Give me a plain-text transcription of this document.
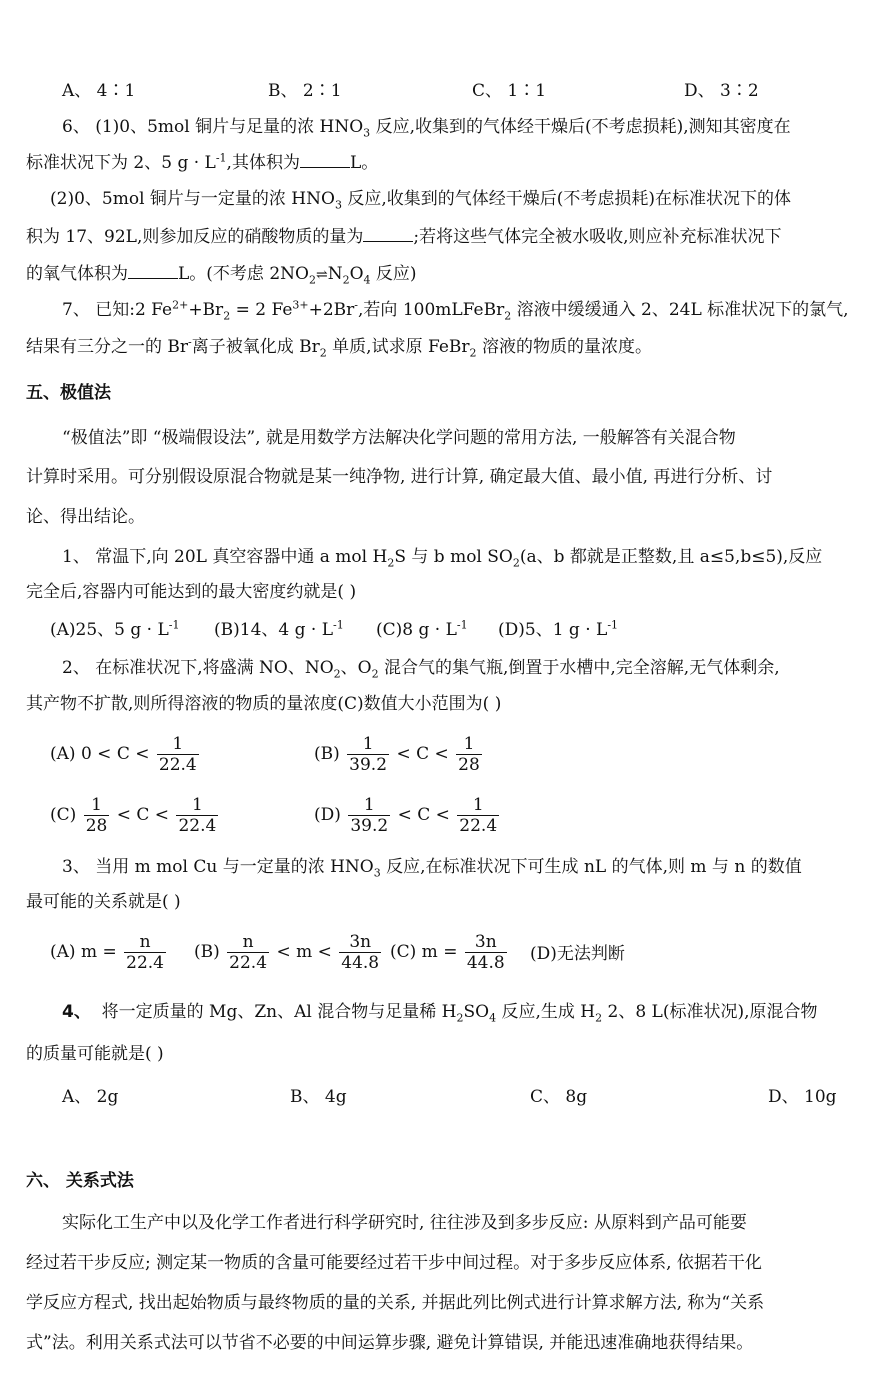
A、 4∶1	B、 2∶1	C、 1∶1	D、 3∶2
6、 (1)0、5mol 铜片与足量的浓 $HNO_3$ 反应,收集到的气体经干燥后(不考虑损耗),测知其密度在
标准状况下为 2、5 $g \cdot L^{-1}$,其体积为	L。
(2)0、5mol 铜片与一定量的浓 $HNO_3$ 反应,收集到的气体经干燥后(不考虑损耗)在标准状况下的体
积为 17、92L,则参加反应的硝酸物质的量为	;若将这些气体完全被水吸收,则应补充标准状况下
的氧气体积为	L。(不考虑 $2NO_2\rightleftharpoons N_2O_4$ 反应)
7、 已知:2 $Fe^{2+}+Br_2 = 2$ $Fe^{3+}+2Br^-$,若向 100mLFeBr$_2$ 溶液中缓缓通入 2、24L 标准状况下的氯气,
结果有三分之一的 Br-离子被氧化成 $Br_2$ 单质,试求原 FeBr$_2$ 溶液的物质的量浓度。
五、极值法
“极值法”即 “极端假设法”, 就是用数学方法解决化学问题的常用方法, 一般解答有关混合物
计算时采用。可分别假设原混合物就是某一纯净物, 进行计算, 确定最大值、最小值, 再进行分析、讨
论、得出结论。
1、 常温下,向 20L 真空容器中通 a mol $H_2S$ 与 b mol $SO_2(a$、b 都就是正整数,且 a≤5,b≤5),反应
完全后,容器内可能达到的最大密度约就是( )
(A)25、5 $g \cdot L^{-1}$ (B)14、4 $g \cdot L^{-1}$ (C)8 $g \cdot L^{-1}$ (D)5、1 $g \cdot L^{-1}$
2、 在标准状况下,将盛满 NO、$NO_2$、$O_2$ 混合气的集气瓶,倒置于水槽中,完全溶解,无气体剩余,
其产物不扩散,则所得溶液的物质的量浓度(C)数值大小范围为( )
(A) $0 < C < \frac{1}{22.4}$	$(B) \frac{1}{39.2} < C < \frac{1}{28}$
$(C) \frac{1}{28} < C < \frac{1}{22.4}$	$(D) \frac{1}{39.2} < C < \frac{1}{22.4}$
3、 当用 m mol Cu 与一定量的浓 $HNO_3$ 反应,在标准状况下可生成 nL 的气体,则 m 与 n 的数值
最可能的关系就是( )
(A) $m = \frac{n}{22.4} (B) \frac{n}{22.4} < m < \frac{3n}{44.8} (C) m = \frac{3n}{44.8} (D)$无法判断
4、 将一定质量的 Mg、Zn、Al 混合物与足量稀 $H_2SO_4$ 反应,生成 $H_2$ 2、8 L(标准状况),原混合物
的质量可能就是( )
A、 2g	B、 4g	C、 8g	D、 10g
六、 关系式法
实际化工生产中以及化学工作者进行科学研究时, 往往涉及到多步反应: 从原料到产品可能要
经过若干步反应; 测定某一物质的含量可能要经过若干步中间过程。对于多步反应体系, 依据若干化
学反应方程式, 找出起始物质与最终物质的量的关系, 并据此列比例式进行计算求解方法, 称为“关系
式”法。利用关系式法可以节省不必要的中间运算步骤, 避免计算错误, 并能迅速准确地获得结果。
